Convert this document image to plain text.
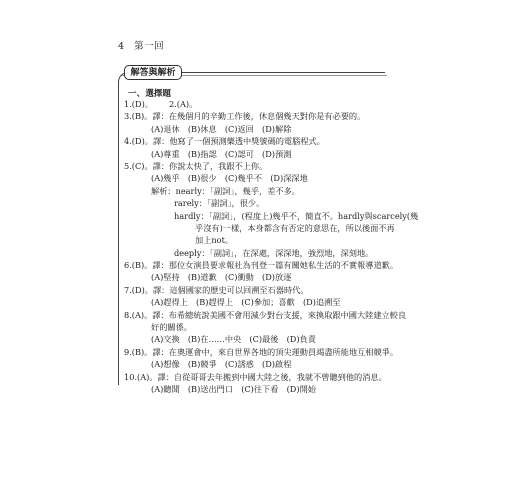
4 第一回
解答與解析
一、選擇題
1.(D)。 2.(A)。
3.(B)。譯：在幾個月的辛勤工作後，休息個幾天對你是有必要的。
(A)退休　(B)休息　(C)返回　(D)解除
4.(D)。譯：他寫了一個預測樂透中獎號碼的電腦程式。
(A)尊重　(B)指認　(C)認可　(D)預測
5.(C)。譯：你說太快了，我跟不上你。
(A)幾乎　(B)很少　(C)幾乎不　(D)深深地
解析：nearly：「副詞」，幾乎，差不多。
rarely：「副詞」，很少。
hardly：「副詞」，(程度上)幾乎不，簡直不。hardly與scarcely(幾
乎沒有)一樣，本身都含有否定的意思在，所以後面不再
加上not。
deeply：「副詞」，在深處，深深地，強烈地，深刻地。
6.(B)。譯：那位女演員要求報社為刊登一篇有關她私生活的不實報導道歉。
(A)堅持　(B)道歉　(C)衝動　(D)放逐
7.(D)。譯：這個國家的歷史可以回溯至石器時代。
(A)趕得上　(B)趕得上　(C)參加；喜歡　(D)追溯至
8.(A)。譯：布希總統說美國不會用減少對台支援，來換取跟中國大陸建立較良
好的關係。
(A)交換　(B)在……中央　(C)最後　(D)負責
9.(B)。譯：在奧運會中，來自世界各地的頂尖運動員竭盡所能地互相競爭。
(A)想像　(B)競爭　(C)誘惑　(D)啟程
10.(A)。譯：自從哥哥去年搬到中國大陸之後，我就不曾聽到他的消息。
(A)聽聞　(B)送出門口　(C)往下看　(D)開始
